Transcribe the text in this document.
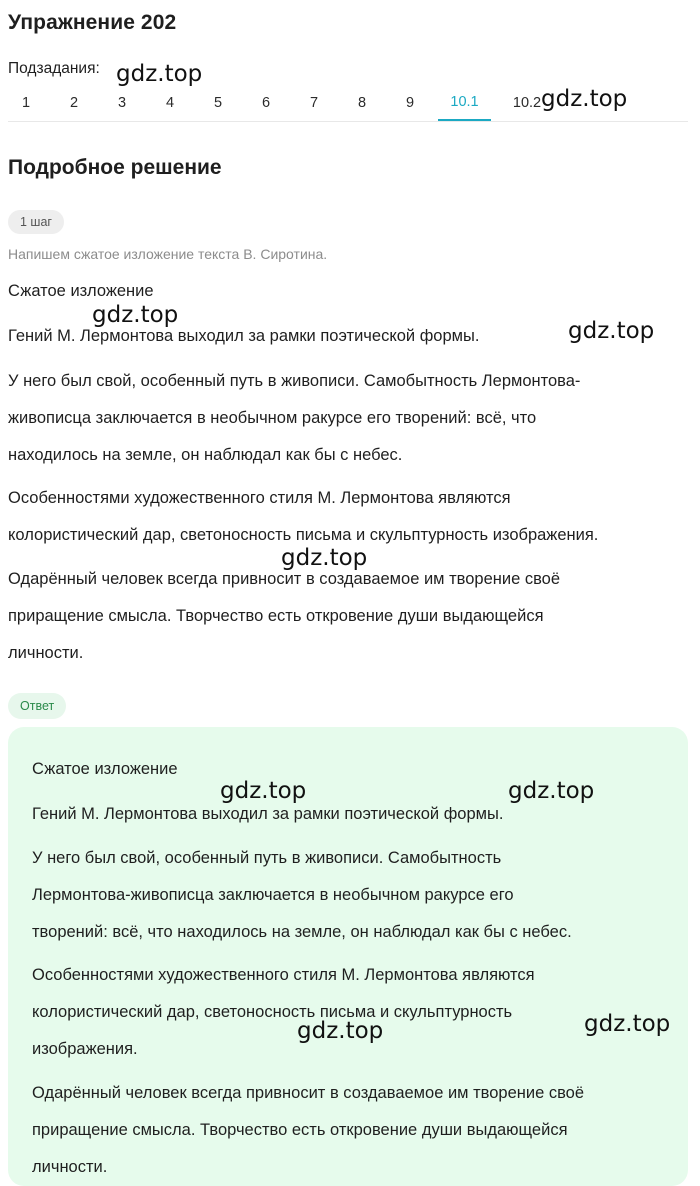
Упражнение 202
Подзадания:
1	2	3	4	5	6	7	8	9	10.1	10.2
Подробное решение
1 шаг
Напишем сжатое изложение текста В. Сиротина.
Сжатое изложение
Гений М. Лермонтова выходил за рамки поэтической формы.
У него был свой, особенный путь в живописи. Самобытность Лермонтова-
живописца заключается в необычном ракурсе его творений: всё, что
находилось на земле, он наблюдал как бы с небес.
Особенностями художественного стиля М. Лермонтова являются
колористический дар, светоносность письма и скульптурность изображения.
Одарённый человек всегда привносит в создаваемое им творение своё
приращение смысла. Творчество есть откровение души выдающейся
личности.
Ответ
Сжатое изложение
Гений М. Лермонтова выходил за рамки поэтической формы.
У него был свой, особенный путь в живописи. Самобытность
Лермонтова-живописца заключается в необычном ракурсе его
творений: всё, что находилось на земле, он наблюдал как бы с небес.
Особенностями художественного стиля М. Лермонтова являются
колористический дар, светоносность письма и скульптурность
изображения.
Одарённый человек всегда привносит в создаваемое им творение своё
приращение смысла. Творчество есть откровение души выдающейся
личности.
gdz.top
gdz.top
gdz.top
gdz.top
gdz.top
gdz.top	gdz.top
gdz.top
gdz.top
